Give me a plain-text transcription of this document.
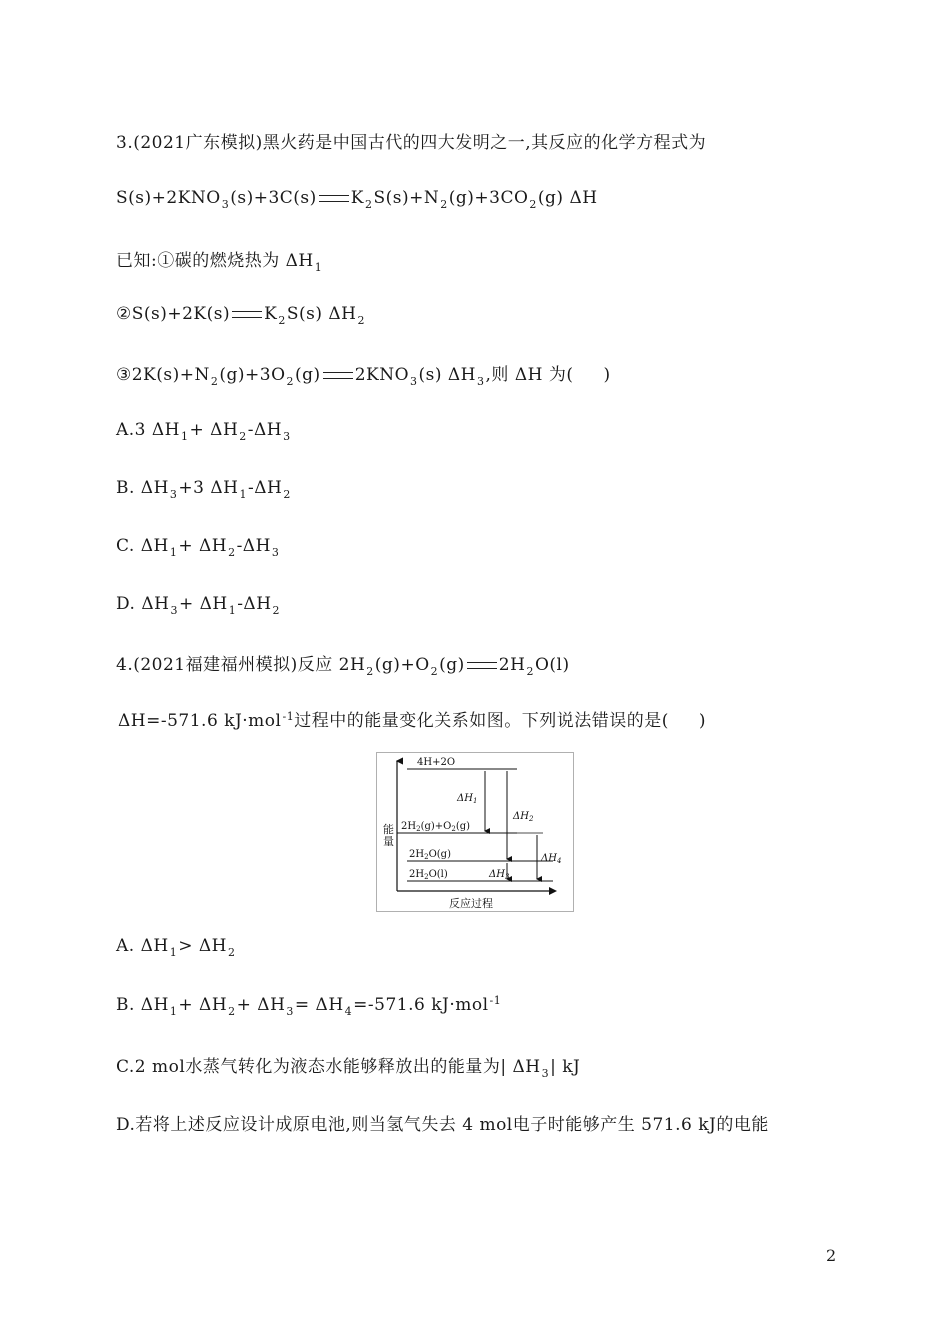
3.(2021广东模拟)黑火药是中国古代的四大发明之一,其反应的化学方程式为
$S(s)+2KNO_3(s)+3C(s)$ $K_2S(s)+N_2(g)+3CO_2(g)$ ΔH
已知:①碳的燃烧热为 $\Delta H_1$
②S(s)+2K(s) $K_2S(s)$ $\Delta H_2$
$③2K(s)+N_2(g)+3O_2(g)$ $2KNO_3(s)$ $\Delta H_3$,则 ΔH 为( )
A.3 $\Delta H_1+ \Delta H_2-\Delta H_3$
B. $\Delta H_3+3$ $\Delta H_1-\Delta H_2$
C. $\Delta H_1+ \Delta H_2-\Delta H_3$
D. $\Delta H_3+ \Delta H_1-\Delta H_2$
4.(2021福建福州模拟)反应 $2H_2(g)+O_2(g)$ $2H_2O(l)$
ΔH=-571.6 kJ·mol$^{-1}$过程中的能量变化关系如图。下列说法错误的是( )
能量
反应过程
4H+2O
$2H_2(g)+O_2(g)$
$2H_2O(g)$
$2H_2O(l)$
$\Delta H_1$
$\Delta H_2$
$\Delta H_3$
$\Delta H_4$
A. $\Delta H_1> \Delta H_2$
B. $\Delta H_1+ \Delta H_2+ \Delta H_3= \Delta H_4=-571.6$ kJ·mol$^{-1}$
C.2 mol水蒸气转化为液态水能够释放出的能量为| $\Delta H_3|$ kJ
D.若将上述反应设计成原电池,则当氢气失去 4 mol电子时能够产生 571.6 kJ的电能
2
